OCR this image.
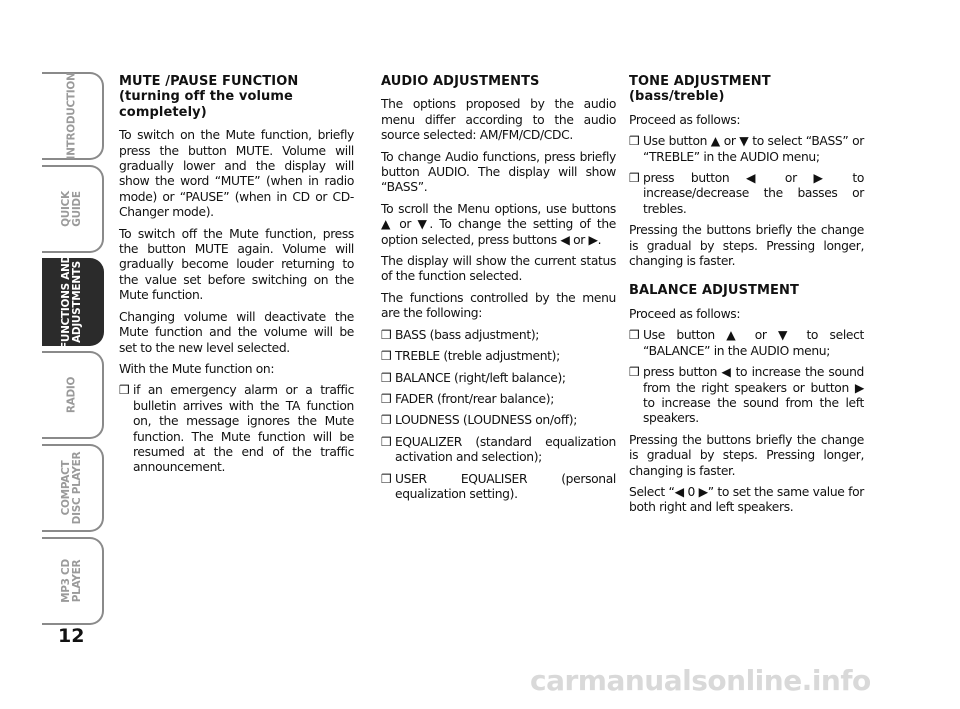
INTRODUCTION
QUICK
GUIDE
FUNCTIONS AND
ADJUSTMENTS
RADIO
COMPACT
DISC PLAYER
MP3 CD
PLAYER
12
MUTE /PAUSE FUNCTION
(turning off the volume
completely)
To switch on the Mute function, briefly press the button MUTE. Volume will gradually lower and the display will show the word “MUTE” (when in radio mode) or “PAUSE” (when in CD or CD-Changer mode).
To switch off the Mute function, press the button MUTE again. Volume will gradually become louder returning to the value set before switching on the Mute function.
Changing volume will deactivate the Mute function and the volume will be set to the new level selected.
With the Mute function on:
❒ if an emergency alarm or a traffic bulletin arrives with the TA function on, the message ignores the Mute function. The Mute function will be resumed at the end of the traffic announcement.
AUDIO ADJUSTMENTS
The options proposed by the audio menu differ according to the audio source selected: AM/FM/CD/CDC.
To change Audio functions, press briefly button AUDIO. The display will show “BASS”.
To scroll the Menu options, use buttons ▲ or ▼. To change the setting of the option selected, press buttons ◀ or ▶.
The display will show the current status of the function selected.
The functions controlled by the menu are the following:
❒ BASS (bass adjustment);
❒ TREBLE (treble adjustment);
❒ BALANCE (right/left balance);
❒ FADER (front/rear balance);
❒ LOUDNESS (LOUDNESS on/off);
❒ EQUALIZER (standard equalization activation and selection);
❒ USER EQUALISER (personal equalization setting).
TONE ADJUSTMENT
(bass/treble)
Proceed as follows:
❒ Use button ▲ or ▼ to select “BASS” or “TREBLE” in the AUDIO menu;
❒ press button ◀ or ▶ to increase/decrease the basses or trebles.
Pressing the buttons briefly the change is gradual by steps. Pressing longer, changing is faster.
BALANCE ADJUSTMENT
Proceed as follows:
❒ Use button ▲ or ▼ to select “BALANCE” in the AUDIO menu;
❒ press button ◀ to increase the sound from the right speakers or button ▶ to increase the sound from the left speakers.
Pressing the buttons briefly the change is gradual by steps. Pressing longer, changing is faster.
Select “◀ 0 ▶” to set the same value for both right and left speakers.
carmanualsonline.info
